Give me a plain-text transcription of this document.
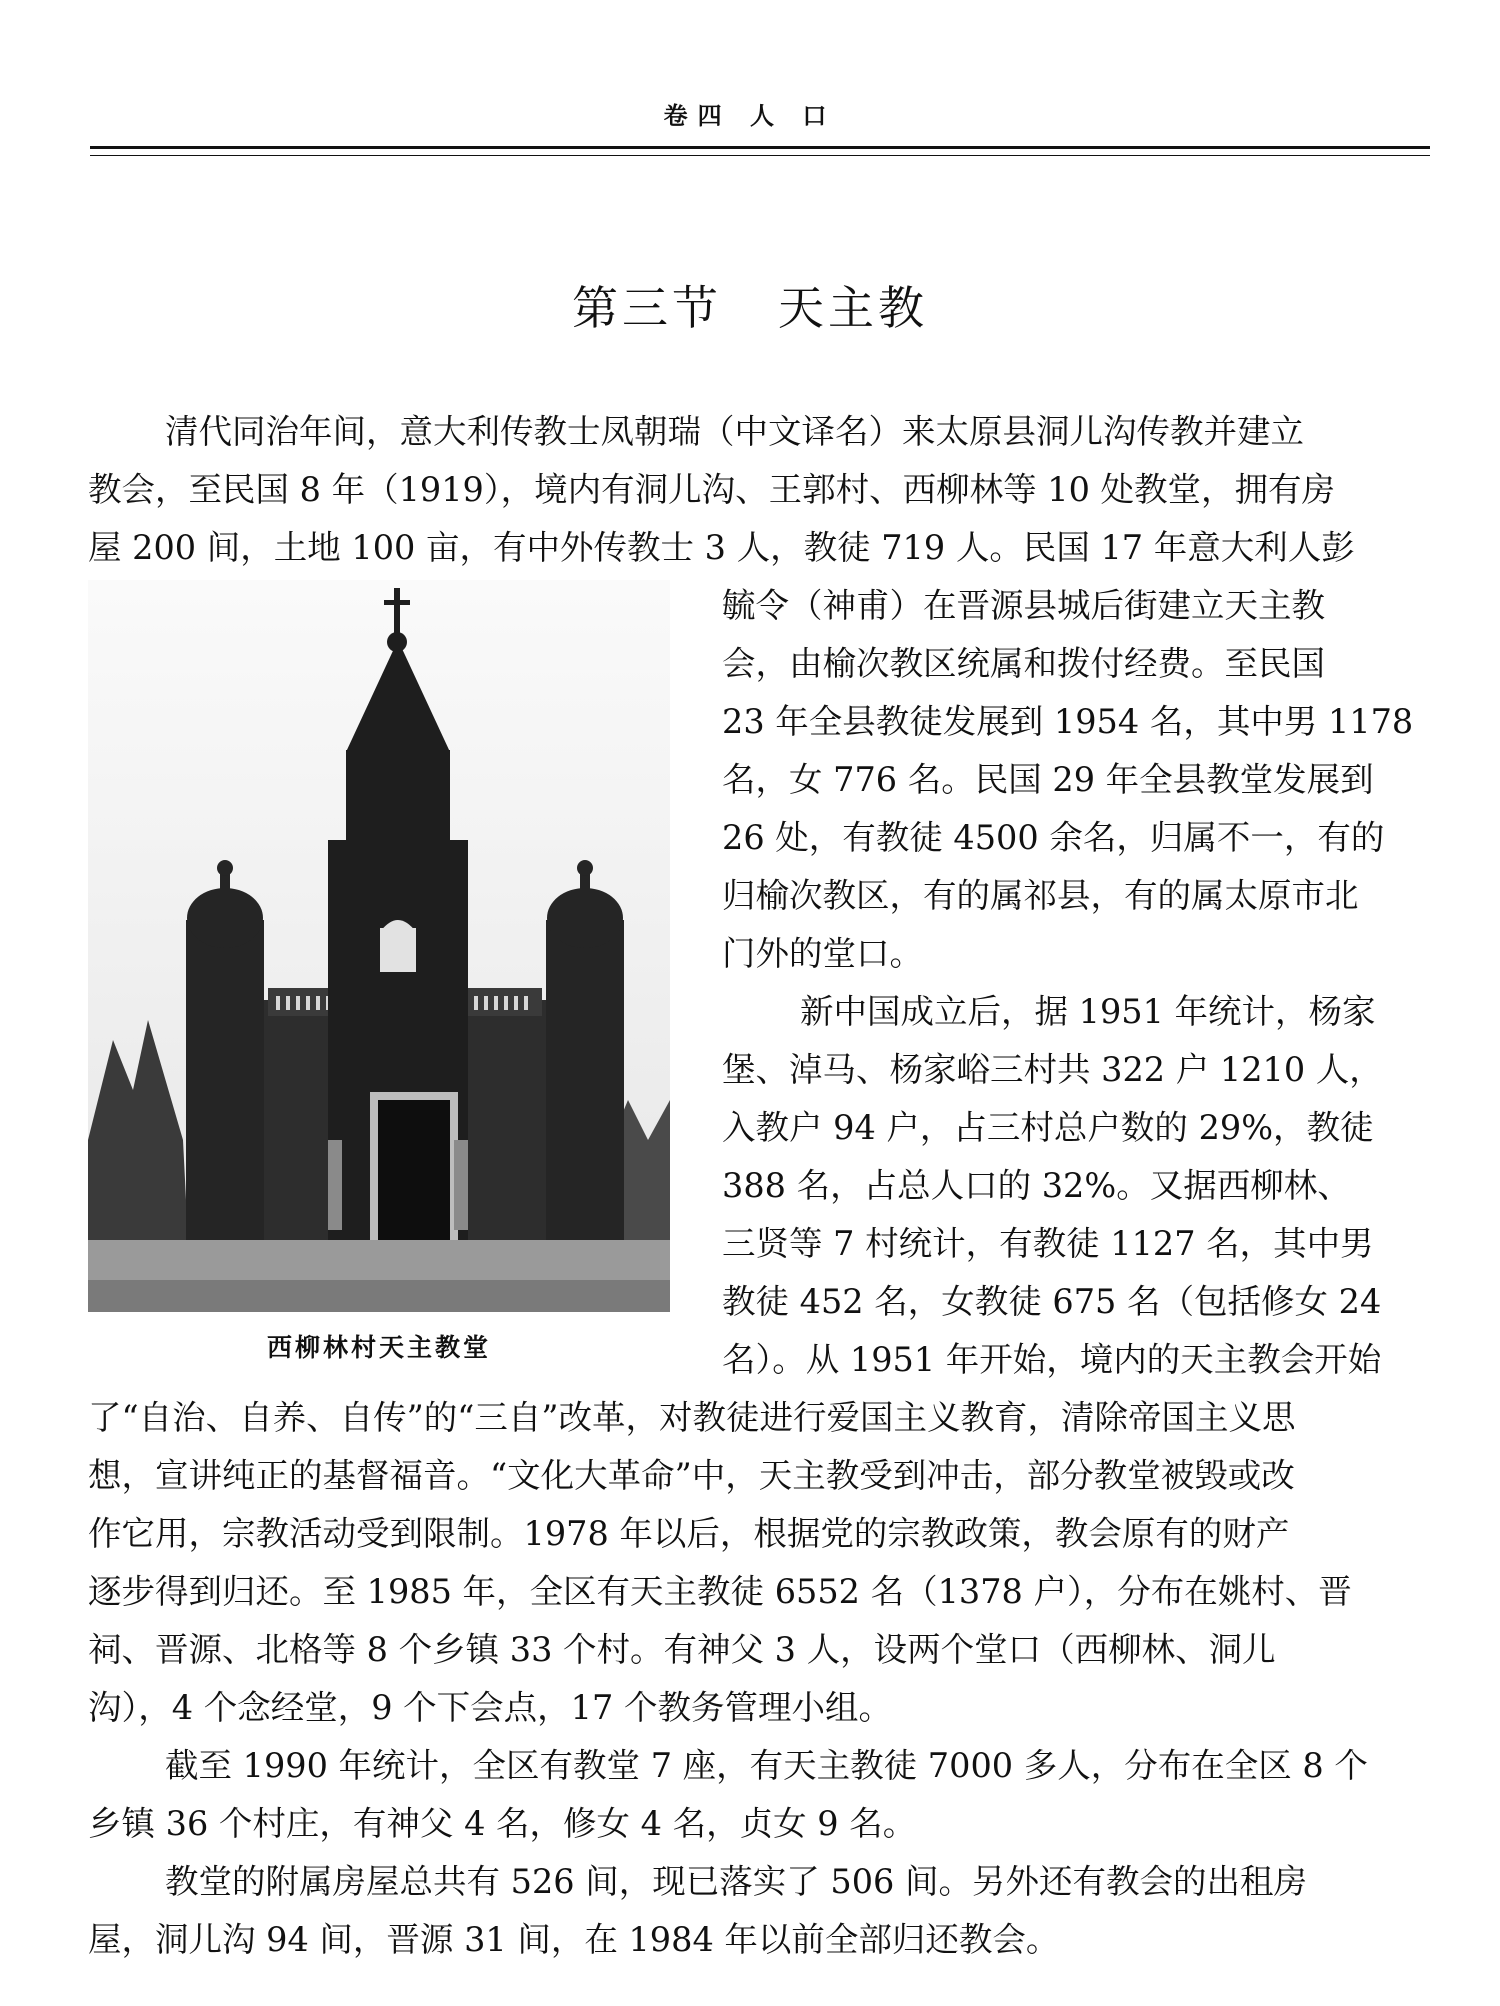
卷四 人 口
第三节 天主教
清代同治年间，意大利传教士凤朝瑞（中文译名）来太原县洞儿沟传教并建立
教会，至民国 8 年（1919），境内有洞儿沟、王郭村、西柳林等 10 处教堂，拥有房
屋 200 间，土地 100 亩，有中外传教士 3 人，教徒 719 人。民国 17 年意大利人彭
毓令（神甫）在晋源县城后街建立天主教
会，由榆次教区统属和拨付经费。至民国
23 年全县教徒发展到 1954 名，其中男 1178
名，女 776 名。民国 29 年全县教堂发展到
26 处，有教徒 4500 余名，归属不一，有的
归榆次教区，有的属祁县，有的属太原市北
门外的堂口。
新中国成立后，据 1951 年统计，杨家
堡、淖马、杨家峪三村共 322 户 1210 人，
入教户 94 户，占三村总户数的 29%，教徒
388 名，占总人口的 32%。又据西柳林、
三贤等 7 村统计，有教徒 1127 名，其中男
教徒 452 名，女教徒 675 名（包括修女 24
名）。从 1951 年开始，境内的天主教会开始
了“自治、自养、自传”的“三自”改革，对教徒进行爱国主义教育，清除帝国主义思
想，宣讲纯正的基督福音。“文化大革命”中，天主教受到冲击，部分教堂被毁或改
作它用，宗教活动受到限制。1978 年以后，根据党的宗教政策，教会原有的财产
逐步得到归还。至 1985 年，全区有天主教徒 6552 名（1378 户），分布在姚村、晋
祠、晋源、北格等 8 个乡镇 33 个村。有神父 3 人，设两个堂口（西柳林、洞儿
沟），4 个念经堂，9 个下会点，17 个教务管理小组。
截至 1990 年统计，全区有教堂 7 座，有天主教徒 7000 多人，分布在全区 8 个
乡镇 36 个村庄，有神父 4 名，修女 4 名，贞女 9 名。
教堂的附属房屋总共有 526 间，现已落实了 506 间。另外还有教会的出租房
屋，洞儿沟 94 间，晋源 31 间，在 1984 年以前全部归还教会。
西柳林村天主教堂
